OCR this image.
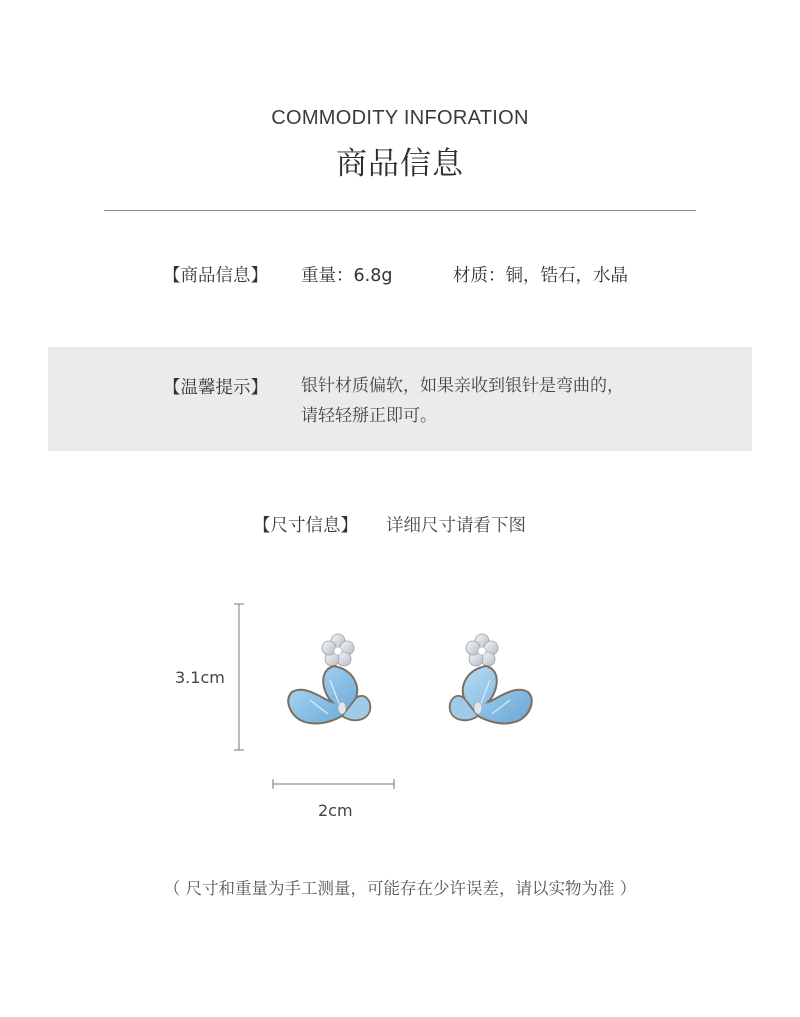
COMMODITY INFORATION
商品信息
【商品信息】 重量：6.8g	材质：铜，锆石，水晶
【温馨提示】 银针材质偏软，如果亲收到银针是弯曲的，
请轻轻掰正即可。
【尺寸信息】 详细尺寸请看下图
3.1cm
2cm
（ 尺寸和重量为手工测量，可能存在少许误差，请以实物为准 ）
